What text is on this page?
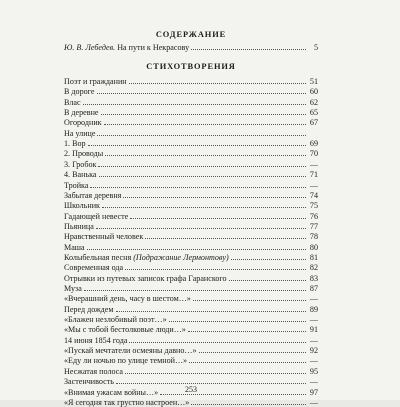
СОДЕРЖАНИЕ
Ю. В. Лебедев. На пути к Некрасову	5
СТИХОТВОРЕНИЯ
Поэт и гражданин	51
В дороге	60
Влас	62
В деревне	65
Огородник	67
На улице
1. Вор	69
2. Проводы	70
3. Гробок	—
4. Ванька	71
Тройка	—
Забытая деревня	74
Школьник	75
Гадающей невесте	76
Пьяница	77
Нравственный человек	78
Маша	80
Колыбельная песня (Подражание Лермонтову)	81
Современная ода	82
Отрывки из путевых записок графа Гаранского	83
Муза	87
«Вчерашний день, часу в шестом…»	—
Перед дождем	89
«Блажен незлобивый поэт…»	—
«Мы с тобой бестолковые люди…»	91
14 июня 1854 года	—
«Пускай мечтатели осмеяны давно…»	92
«Еду ли ночью по улице темной…»	—
Несжатая полоса	95
Застенчивость	—
«Внимая ужасам войны…»	97
«Я сегодня так грустно настроен…»	—
253
